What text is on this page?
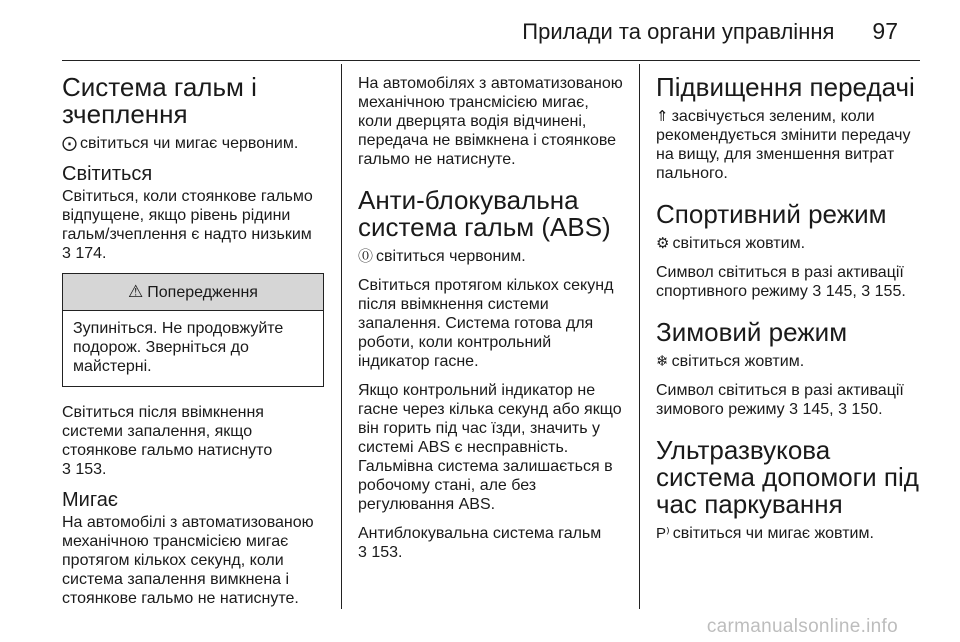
Прилади та органи управління 97
Система гальм і зчеплення

⨀ світиться чи мигає червоним.

Світиться

Світиться, коли стоянкове гальмо відпущене, якщо рівень рідини гальм/зчеплення є надто низьким
3 174.

⚠ Попередження
Зупиніться. Не продовжуйте подорож. Зверніться до майстерні.

Світиться після ввімкнення системи запалення, якщо стоянкове гальмо натиснуто
3 153.

Мигає

На автомобілі з автоматизованою механічною трансмісією мигає протягом кількох секунд, коли система запалення вимкнена і стоянкове гальмо не натиснуте.

На автомобілях з автоматизованою механічною трансмісією мигає, коли дверцята водія відчинені, передача не ввімкнена і стоянкове гальмо не натиснуте.

Анти-блокувальна система гальм (ABS)

⓪ світиться червоним.

Світиться протягом кількох секунд після ввімкнення системи запалення. Система готова для роботи, коли контрольний індикатор гасне.

Якщо контрольний індикатор не гасне через кілька секунд або якщо він горить під час їзди, значить у системі ABS є несправність. Гальмівна система залишається в робочому стані, але без регулювання ABS.

Антиблокувальна система гальм
3 153.

Підвищення передачі

⇑ засвічується зеленим, коли рекомендується змінити передачу на вищу, для зменшення витрат пального.

Спортивний режим

⚙ світиться жовтим.

Символ світиться в разі активації спортивного режиму 3 145, 3 155.

Зимовий режим

❄ світиться жовтим.

Символ світиться в разі активації зимового режиму 3 145, 3 150.

Ультразвукова система допомоги під час паркування

P⁾ світиться чи мигає жовтим.

carmanualsonline.info
